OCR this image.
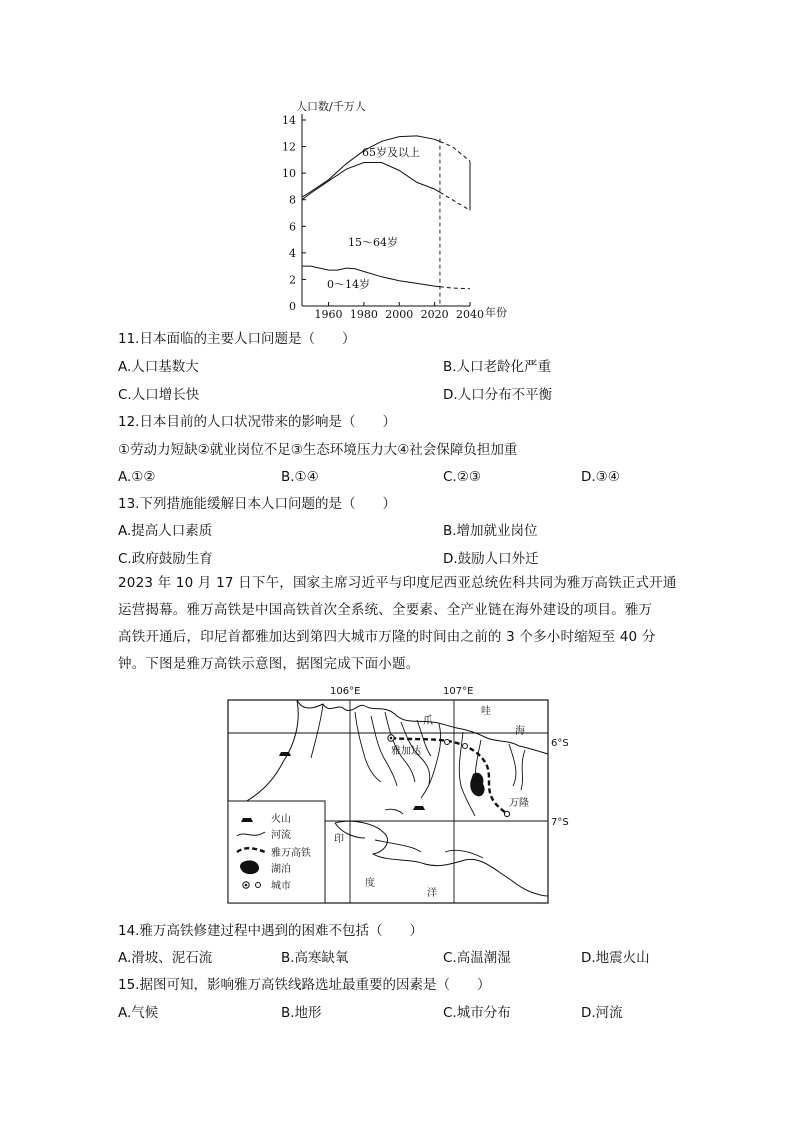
人口数/千万人
0
2
4
6
8
10
12
14
1960 1980 2000 2020 2040
65岁及以上
15～64岁
0～14岁
年份
11.日本面临的主要人口问题是（　　）
A.人口基数大	B.人口老龄化严重
C.人口增长快	D.人口分布不平衡
12.日本目前的人口状况带来的影响是（　　）
①劳动力短缺②就业岗位不足③生态环境压力大④社会保障负担加重
A.①②	B.①④	C.②③	D.③④
13.下列措施能缓解日本人口问题的是（　　）
A.提高人口素质	B.增加就业岗位
C.政府鼓励生育	D.鼓励人口外迁
2023 年 10 月 17 日下午，国家主席习近平与印度尼西亚总统佐科共同为雅万高铁正式开通
运营揭幕。雅万高铁是中国高铁首次全系统、全要素、全产业链在海外建设的项目。雅万
高铁开通后，印尼首都雅加达到第四大城市万隆的时间由之前的 3 个多小时缩短至 40 分
钟。下图是雅万高铁示意图，据图完成下面小题。
106°E	107°E
6°S
7°S
雅加达
万隆
爪
哇
海
印
度
洋
火山
河流
雅万高铁
湖泊
城市
14.雅万高铁修建过程中遇到的困难不包括（　　）
A.滑坡、泥石流	B.高寒缺氧	C.高温潮湿	D.地震火山
15.据图可知，影响雅万高铁线路选址最重要的因素是（　　）
A.气候	B.地形	C.城市分布	D.河流
